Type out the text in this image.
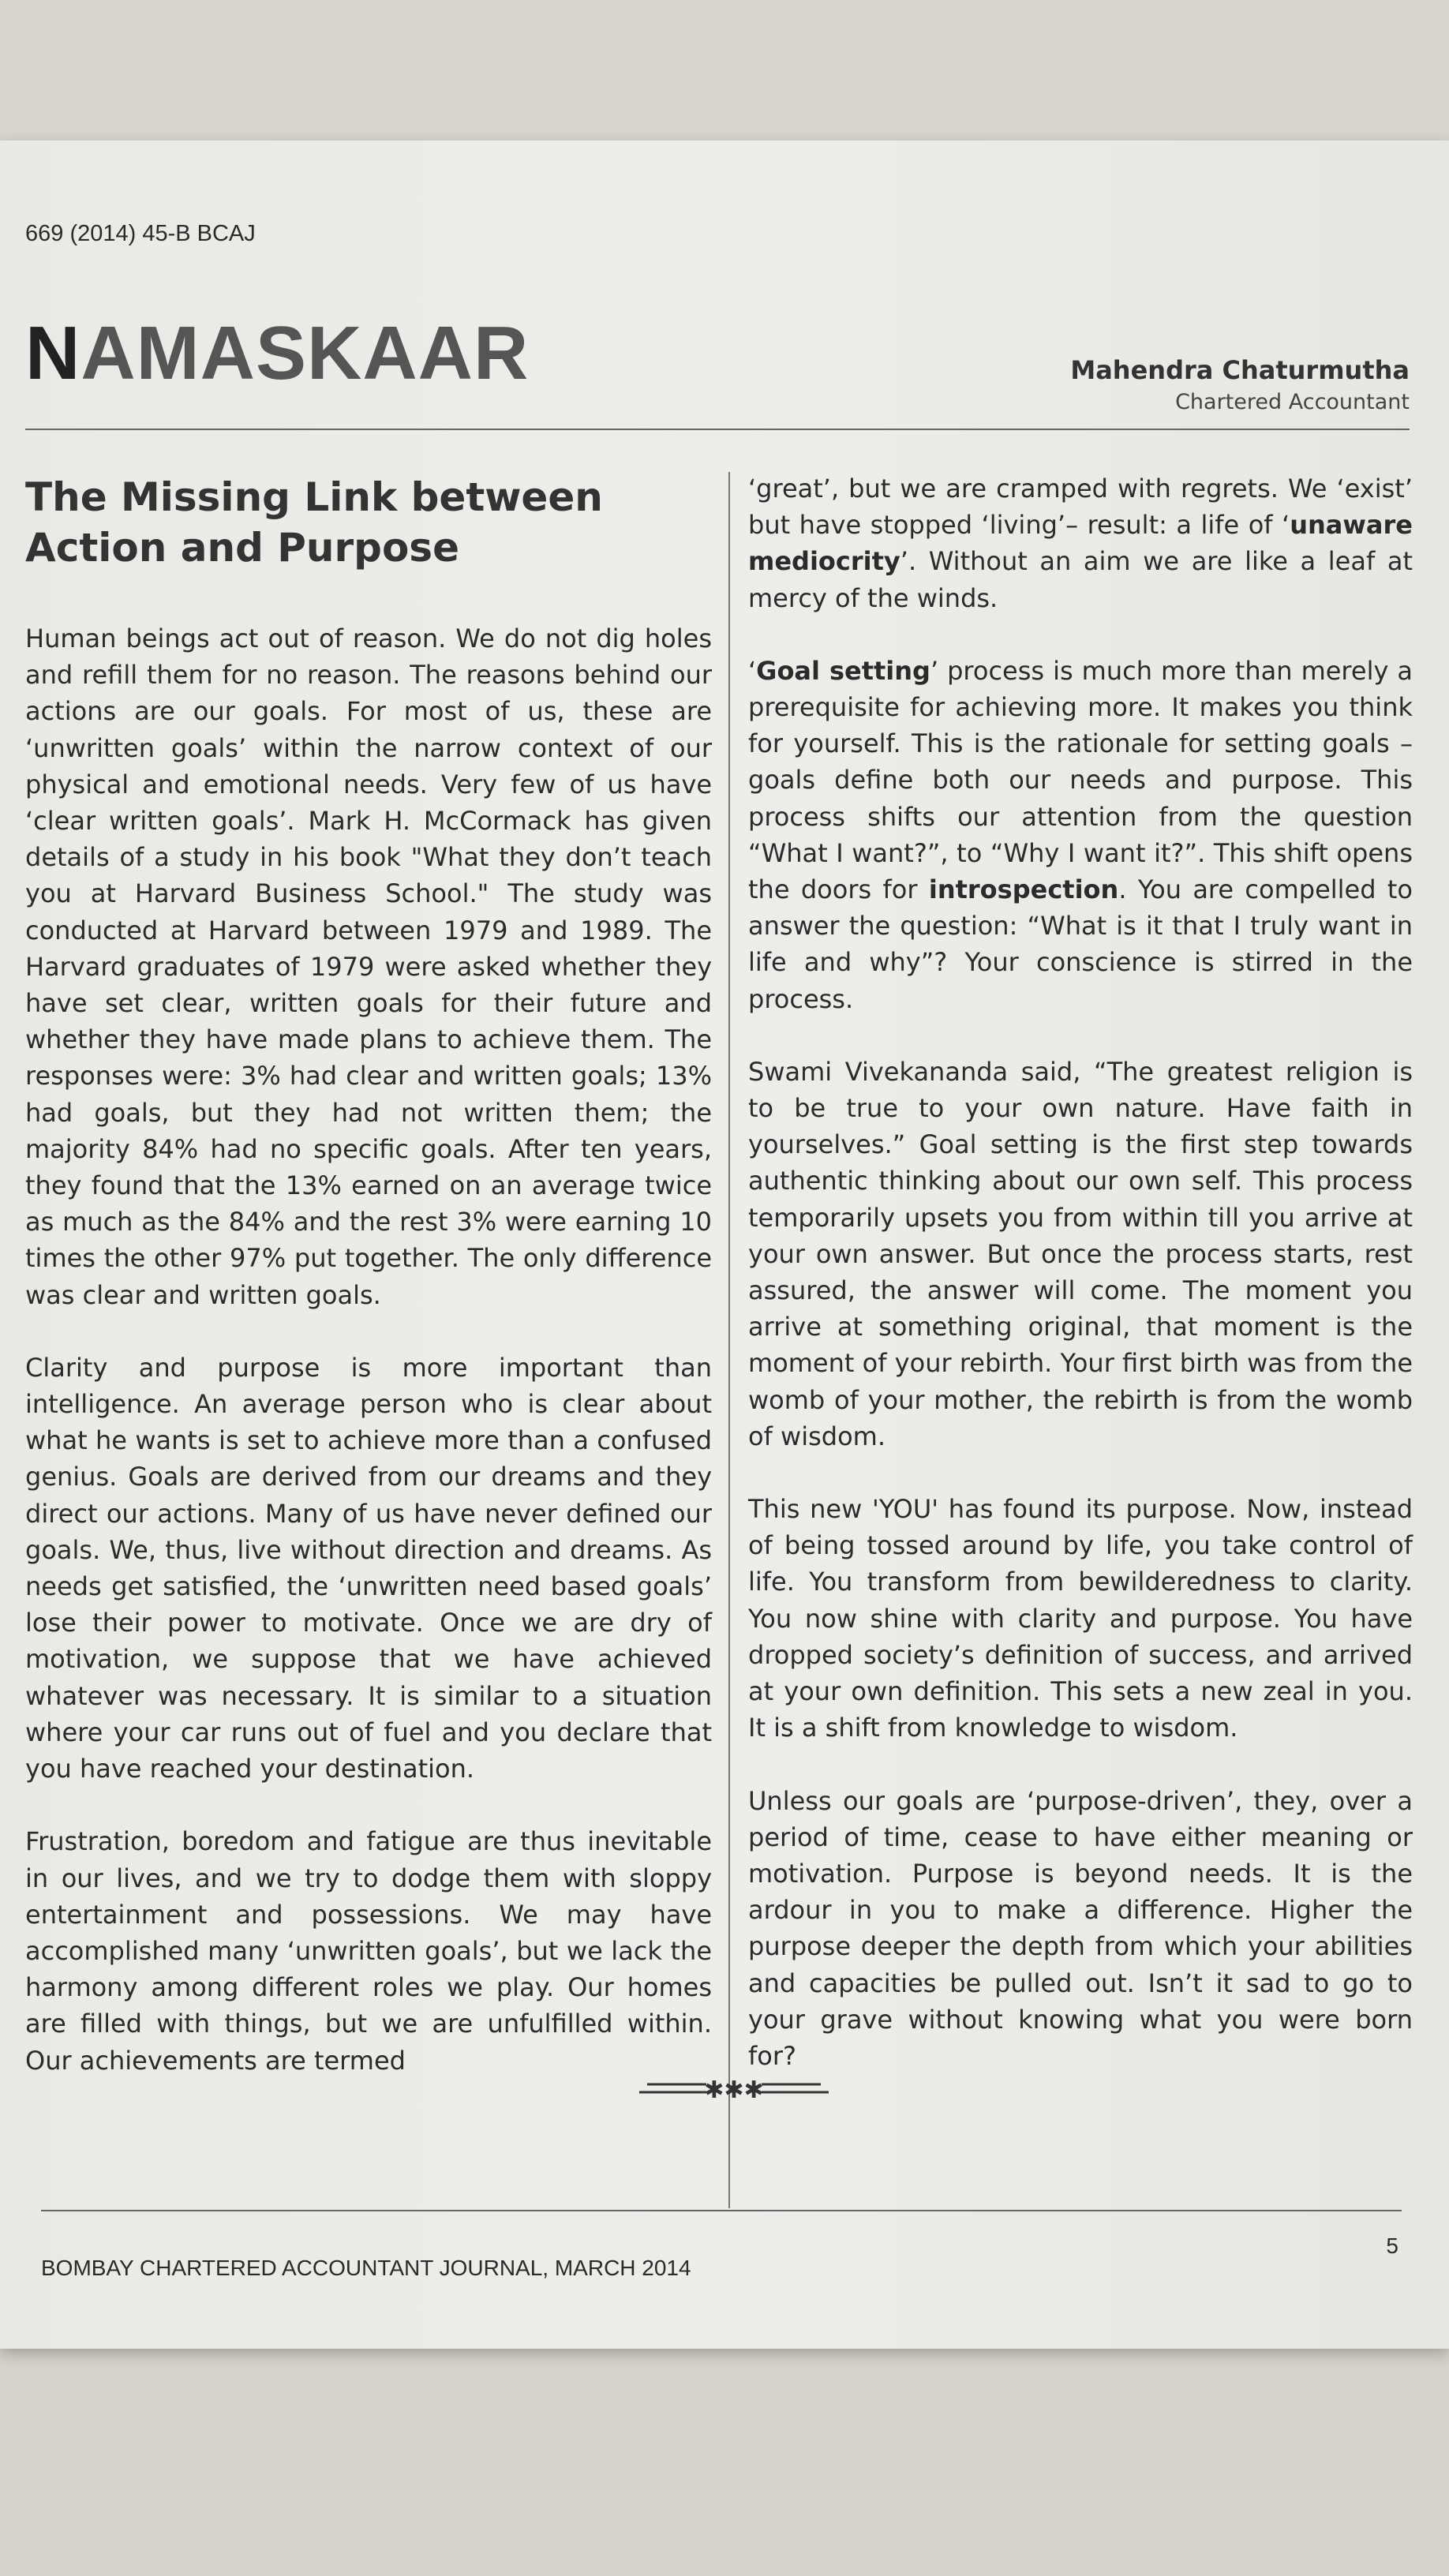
669 (2014) 45-B BCAJ
NAMASKAAR	Mahendra Chaturmutha
Chartered Accountant
The Missing Link between Action and Purpose

Human beings act out of reason. We do not dig holes and refill them for no reason. The reasons behind our actions are our goals. For most of us, these are ‘unwritten goals’ within the narrow context of our physical and emotional needs. Very few of us have ‘clear written goals’. Mark H. McCormack has given details of a study in his book "What they don’t teach you at Harvard Business School." The study was conducted at Harvard between 1979 and 1989. The Harvard graduates of 1979 were asked whether they have set clear, written goals for their future and whether they have made plans to achieve them. The responses were: 3% had clear and written goals; 13% had goals, but they had not written them; the majority 84% had no specific goals. After ten years, they found that the 13% earned on an average twice as much as the 84% and the rest 3% were earning 10 times the other 97% put together. The only difference was clear and written goals.

Clarity and purpose is more important than intelligence. An average person who is clear about what he wants is set to achieve more than a confused genius. Goals are derived from our dreams and they direct our actions. Many of us have never defined our goals. We, thus, live without direction and dreams. As needs get satisfied, the ‘unwritten need based goals’ lose their power to motivate. Once we are dry of motivation, we suppose that we have achieved whatever was necessary. It is similar to a situation where your car runs out of fuel and you declare that you have reached your destination.

Frustration, boredom and fatigue are thus inevitable in our lives, and we try to dodge them with sloppy entertainment and possessions. We may have accomplished many ‘unwritten goals’, but we lack the harmony among different roles we play. Our homes are filled with things, but we are unfulfilled within. Our achievements are termed

‘great’, but we are cramped with regrets. We ‘exist’ but have stopped ‘living’– result: a life of ‘unaware mediocrity’. Without an aim we are like a leaf at mercy of the winds.

‘Goal setting’ process is much more than merely a prerequisite for achieving more. It makes you think for yourself. This is the rationale for setting goals – goals define both our needs and purpose. This process shifts our attention from the question “What I want?”, to “Why I want it?”. This shift opens the doors for introspection. You are compelled to answer the question: “What is it that I truly want in life and why”? Your conscience is stirred in the process.

Swami Vivekananda said, “The greatest religion is to be true to your own nature. Have faith in yourselves.” Goal setting is the first step towards authentic thinking about our own self. This process temporarily upsets you from within till you arrive at your own answer. But once the process starts, rest assured, the answer will come. The moment you arrive at something original, that moment is the moment of your rebirth. Your first birth was from the womb of your mother, the rebirth is from the womb of wisdom.

This new 'YOU' has found its purpose. Now, instead of being tossed around by life, you take control of life. You transform from bewilderedness to clarity. You now shine with clarity and purpose. You have dropped society’s definition of success, and arrived at your own definition. This sets a new zeal in you. It is a shift from knowledge to wisdom.

Unless our goals are ‘purpose-driven’, they, over a period of time, cease to have either meaning or motivation. Purpose is beyond needs. It is the ardour in you to make a difference. Higher the purpose deeper the depth from which your abilities and capacities be pulled out. Isn’t it sad to go to your grave without knowing what you were born for?

✱✱✱
BOMBAY CHARTERED ACCOUNTANT JOURNAL, MARCH 2014
5
